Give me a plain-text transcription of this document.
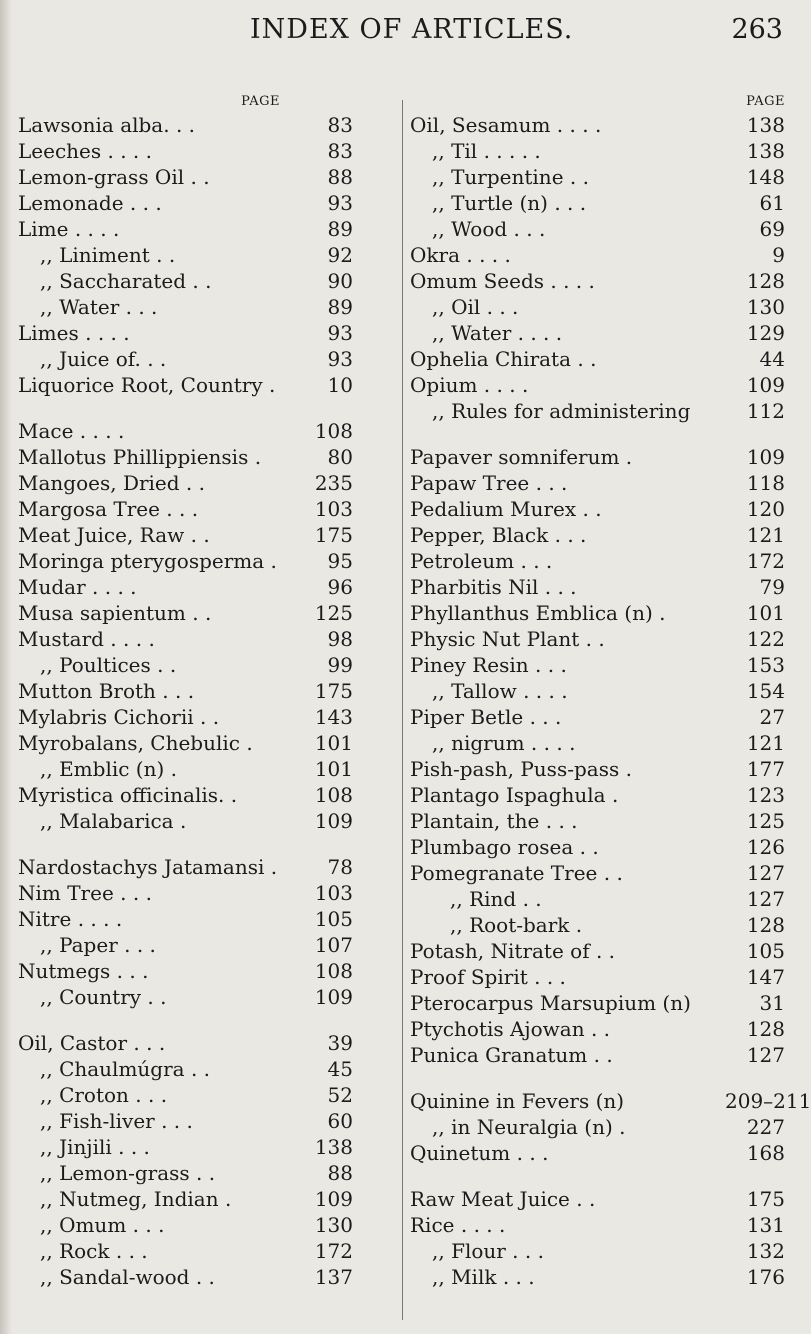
INDEX OF ARTICLES.	263
PAGE
Lawsonia alba. . .	83
Leeches . . . .	83
Lemon-grass Oil . .	88
Lemonade . . .	93
Lime . . . .	89
,, Liniment . .	92
,, Saccharated . .	90
,, Water . . .	89
Limes . . . .	93
,, Juice of. . .	93
Liquorice Root, Country .	10
Mace . . . .	108
Mallotus Phillippiensis .	80
Mangoes, Dried . .	235
Margosa Tree . . .	103
Meat Juice, Raw . .	175
Moringa pterygosperma .	95
Mudar . . . .	96
Musa sapientum . .	125
Mustard . . . .	98
,, Poultices . .	99
Mutton Broth . . .	175
Mylabris Cichorii . .	143
Myrobalans, Chebulic .	101
,, Emblic (n) .	101
Myristica officinalis. .	108
,, Malabarica .	109
Nardostachys Jatamansi .	78
Nim Tree . . .	103
Nitre . . . .	105
,, Paper . . .	107
Nutmegs . . .	108
,, Country . .	109
Oil, Castor . . .	39
,, Chaulmúgra . .	45
,, Croton . . .	52
,, Fish-liver . . .	60
,, Jinjili . . .	138
,, Lemon-grass . .	88
,, Nutmeg, Indian .	109
,, Omum . . .	130
,, Rock . . .	172
,, Sandal-wood . .	137
PAGE
Oil, Sesamum . . . .	138
,, Til . . . . .	138
,, Turpentine . .	148
,, Turtle (n) . . .	61
,, Wood . . .	69
Okra . . . .	9
Omum Seeds . . . .	128
,, Oil . . .	130
,, Water . . . .	129
Ophelia Chirata . .	44
Opium . . . .	109
,, Rules for administering	112
Papaver somniferum .	109
Papaw Tree . . .	118
Pedalium Murex . .	120
Pepper, Black . . .	121
Petroleum . . .	172
Pharbitis Nil . . .	79
Phyllanthus Emblica (n) .	101
Physic Nut Plant . .	122
Piney Resin . . .	153
,, Tallow . . . .	154
Piper Betle . . .	27
,, nigrum . . . .	121
Pish-pash, Puss-pass .	177
Plantago Ispaghula .	123
Plantain, the . . .	125
Plumbago rosea . .	126
Pomegranate Tree . .	127
,, Rind . .	127
,, Root-bark .	128
Potash, Nitrate of . .	105
Proof Spirit . . .	147
Pterocarpus Marsupium (n)	31
Ptychotis Ajowan . .	128
Punica Granatum . .	127
Quinine in Fevers (n)	209–211
,, in Neuralgia (n) .	227
Quinetum . . .	168
Raw Meat Juice . .	175
Rice . . . .	131
,, Flour . . .	132
,, Milk . . .	176
